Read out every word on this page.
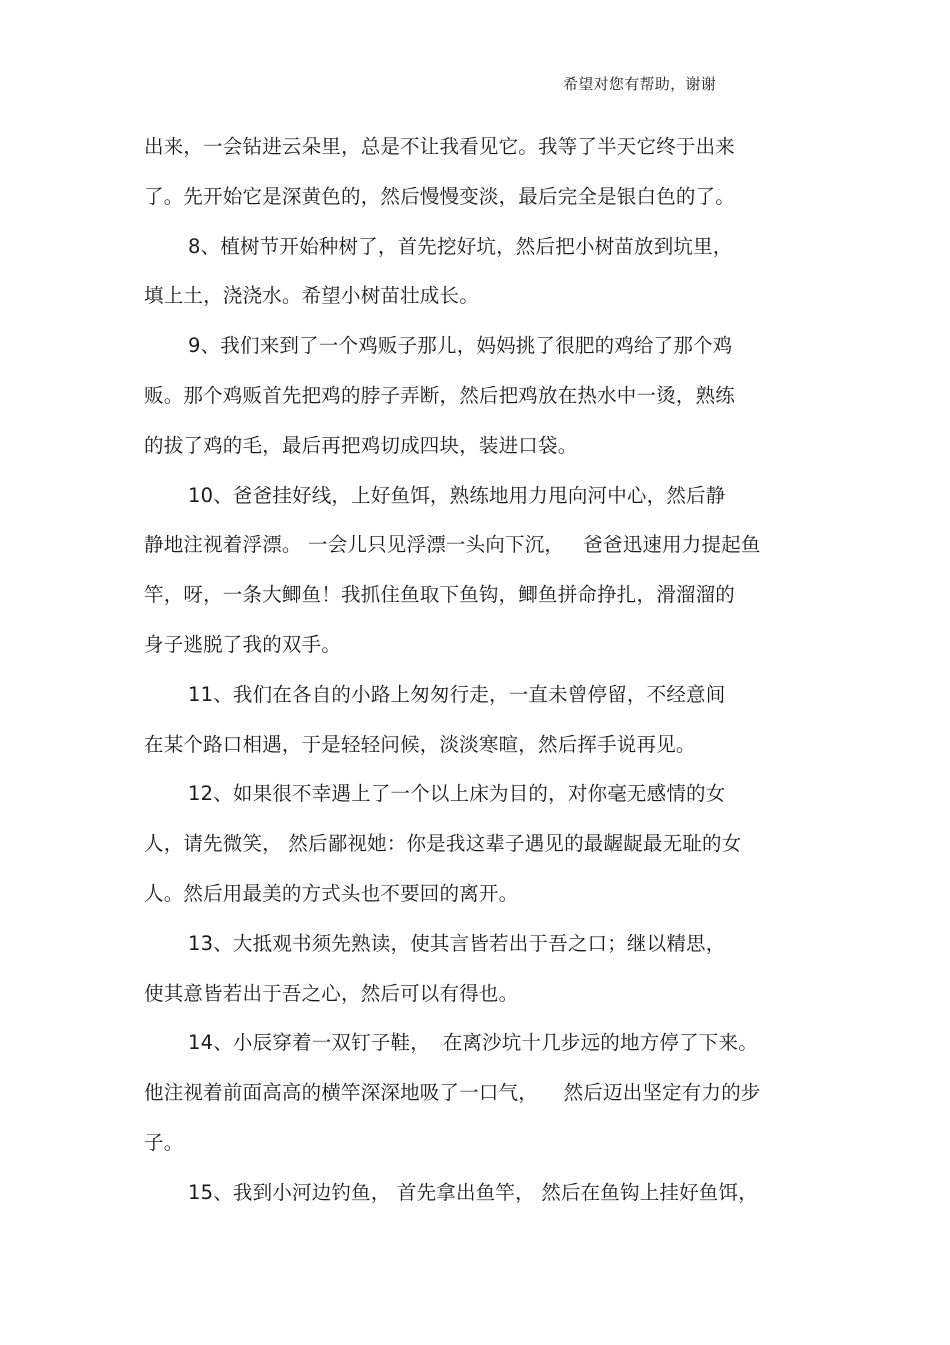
希望对您有帮助，谢谢
出来，一会钻进云朵里，总是不让我看见它。我等了半天它终于出来
了。先开始它是深黄色的，然后慢慢变淡，最后完全是银白色的了。
8、植树节开始种树了，首先挖好坑，然后把小树苗放到坑里，
填上土，浇浇水。希望小树苗壮成长。
9、我们来到了一个鸡贩子那儿，妈妈挑了很肥的鸡给了那个鸡
贩。那个鸡贩首先把鸡的脖子弄断，然后把鸡放在热水中一烫，熟练
的拔了鸡的毛，最后再把鸡切成四块，装进口袋。
10、爸爸挂好线，上好鱼饵，熟练地用力甩向河中心，然后静
静地注视着浮漂。 一会儿只见浮漂一头向下沉，   爸爸迅速用力提起鱼
竿，呀，一条大鲫鱼！我抓住鱼取下鱼钩，鲫鱼拼命挣扎，滑溜溜的
身子逃脱了我的双手。
11、我们在各自的小路上匆匆行走，一直未曾停留，不经意间
在某个路口相遇，于是轻轻问候，淡淡寒暄，然后挥手说再见。
12、如果很不幸遇上了一个以上床为目的，对你毫无感情的女
人，请先微笑， 然后鄙视她：你是我这辈子遇见的最龌龊最无耻的女
人。然后用最美的方式头也不要回的离开。
13、大抵观书须先熟读，使其言皆若出于吾之口；继以精思，
使其意皆若出于吾之心，然后可以有得也。
14、小辰穿着一双钉子鞋，  在离沙坑十几步远的地方停了下来。
他注视着前面高高的横竿深深地吸了一口气，    然后迈出坚定有力的步
子。
15、我到小河边钓鱼， 首先拿出鱼竿， 然后在鱼钩上挂好鱼饵，
